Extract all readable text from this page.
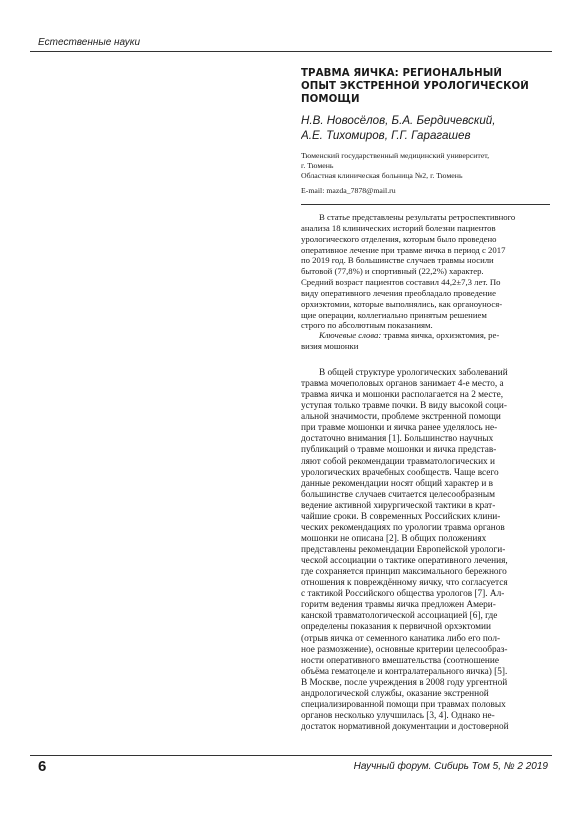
Естественные науки
ТРАВМА ЯИЧКА: РЕГИОНАЛЬНЫЙ
ОПЫТ ЭКСТРЕННОЙ УРОЛОГИЧЕСКОЙ
ПОМОЩИ
Н.В. Новосёлов, Б.А. Бердичевский,
А.Е. Тихомиров, Г.Г. Гарагашев
Тюменский государственный медицинский университет,
г. Тюмень
Областная клиническая больница №2, г. Тюмень
E-mail: mazda_7878@mail.ru
В статье представлены результаты ретроспективного
анализа 18 клинических историй болезни пациентов
урологического отделения, которым было проведено
оперативное лечение при травме яичка в период с 2017
по 2019 год. В большинстве случаев травмы носили
бытовой (77,8%) и спортивный (22,2%) характер.
Средний возраст пациентов составил 44,2±7,3 лет. По
виду оперативного лечения преобладало проведение
орхиэктомии, которые выполнялись, как органоунося-
щие операции, коллегиально принятым решением
строго по абсолютным показаниям.
Ключевые слова: травма яичка, орхиэктомия, ре-
визия мошонки
В общей структуре урологических заболеваний
травма мочеполовых органов занимает 4-е место, а
травма яичка и мошонки располагается на 2 месте,
уступая только травме почки. В виду высокой соци-
альной значимости, проблеме экстренной помощи
при травме мошонки и яичка ранее уделялось не-
достаточно внимания [1]. Большинство научных
публикаций о травме мошонки и яичка представ-
ляют собой рекомендации травматологических и
урологических врачебных сообществ. Чаще всего
данные рекомендации носят общий характер и в
большинстве случаев считается целесообразным
ведение активной хирургической тактики в крат-
чайшие сроки. В современных Российских клини-
ческих рекомендациях по урологии травма органов
мошонки не описана [2]. В общих положениях
представлены рекомендации Европейской урологи-
ческой ассоциации о тактике оперативного лечения,
где сохраняется принцип максимального бережного
отношения к повреждённому яичку, что согласуется
с тактикой Российского общества урологов [7]. Ал-
горитм ведения травмы яичка предложен Амери-
канской травматологической ассоциацией [6], где
определены показания к первичной орхэктомии
(отрыв яичка от семенного канатика либо его пол-
ное размозжение), основные критерии целесообраз-
ности оперативного вмешательства (соотношение
объёма гематоцеле и контралатерального яичка) [5].
В Москве, после учреждения в 2008 году ургентной
андрологической службы, оказание экстренной
специализированной помощи при травмах половых
органов несколько улучшилась [3, 4]. Однако не-
достаток нормативной документации и достоверной
6	Научный форум. Сибирь Том 5, № 2 2019
